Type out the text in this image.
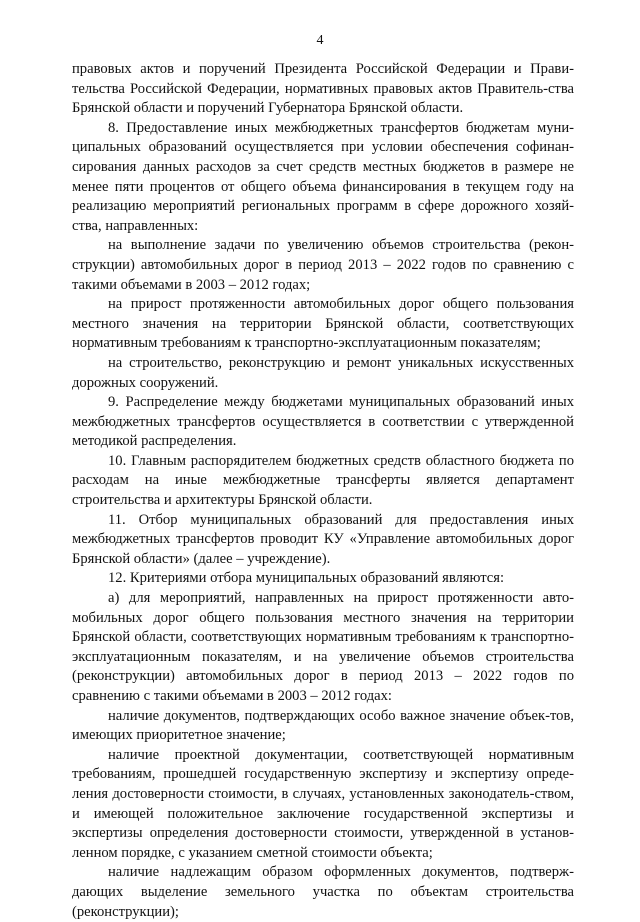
4

правовых актов и поручений Президента Российской Федерации и Прави-тельства Российской Федерации, нормативных правовых актов Правитель-ства Брянской области и поручений Губернатора Брянской области.

8. Предоставление иных межбюджетных трансфертов бюджетам муни-ципальных образований осуществляется при условии обеспечения софинан-сирования данных расходов за счет средств местных бюджетов в размере не менее пяти процентов от общего объема финансирования в текущем году на реализацию мероприятий региональных программ в сфере дорожного хозяй-ства, направленных:

на выполнение задачи по увеличению объемов строительства (рекон-струкции) автомобильных дорог в период 2013 – 2022 годов по сравнению с такими объемами в 2003 – 2012 годах;

на прирост протяженности автомобильных дорог общего пользования местного значения на территории Брянской области, соответствующих нормативным требованиям к транспортно-эксплуатационным показателям;

на строительство, реконструкцию и ремонт уникальных искусственных дорожных сооружений.

9. Распределение между бюджетами муниципальных образований иных межбюджетных трансфертов осуществляется в соответствии с утвержденной методикой распределения.

10. Главным распорядителем бюджетных средств областного бюджета по расходам на иные межбюджетные трансферты является департамент строительства и архитектуры Брянской области.

11. Отбор муниципальных образований для предоставления иных межбюджетных трансфертов проводит КУ «Управление автомобильных дорог Брянской области» (далее – учреждение).

12. Критериями отбора муниципальных образований являются:

а) для мероприятий, направленных на прирост протяженности авто-мобильных дорог общего пользования местного значения на территории Брянской области, соответствующих нормативным требованиям к транспортно-эксплуатационным показателям, и на увеличение объемов строительства (реконструкции) автомобильных дорог в период 2013 – 2022 годов по сравнению с такими объемами в 2003 – 2012 годах:

наличие документов, подтверждающих особо важное значение объек-тов, имеющих приоритетное значение;

наличие проектной документации, соответствующей нормативным требованиям, прошедшей государственную экспертизу и экспертизу опреде-ления достоверности стоимости, в случаях, установленных законодатель-ством, и имеющей положительное заключение государственной экспертизы и экспертизы определения достоверности стоимости, утвержденной в установ-ленном порядке, с указанием сметной стоимости объекта;

наличие надлежащим образом оформленных документов, подтверж-дающих выделение земельного участка по объектам строительства (реконструкции);
